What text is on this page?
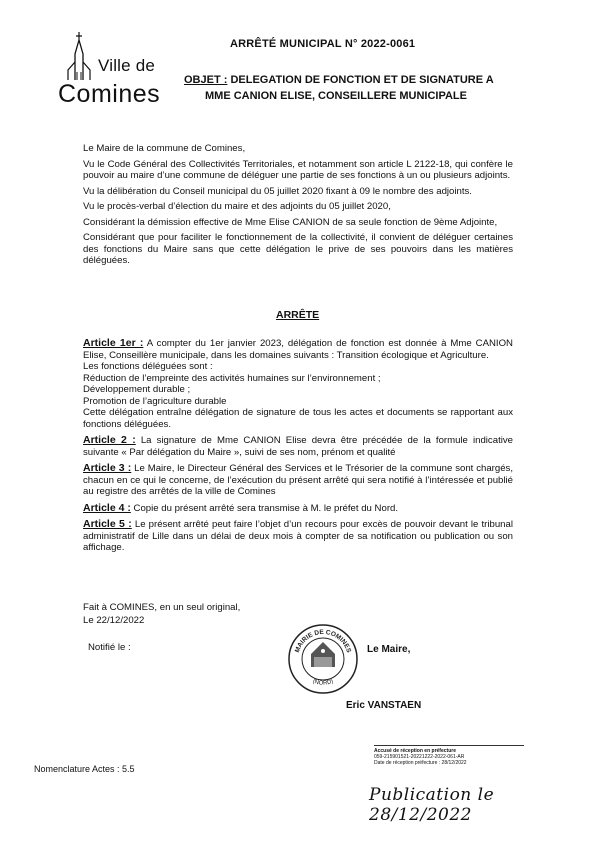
Ville de
Comines
ARRÊTÉ MUNICIPAL N° 2022-0061
OBJET : DELEGATION DE FONCTION ET DE SIGNATURE A
MME CANION ELISE, CONSEILLERE MUNICIPALE

Le Maire de la commune de Comines,

Vu le Code Général des Collectivités Territoriales, et notamment son article L 2122-18, qui confère le pouvoir au maire d’une commune de déléguer une partie de ses fonctions à un ou plusieurs adjoints.

Vu la délibération du Conseil municipal du 05 juillet 2020 fixant à 09 le nombre des adjoints.

Vu le procès-verbal d’élection du maire et des adjoints du 05 juillet 2020,

Considérant la démission effective de Mme Elise CANION de sa seule fonction de 9ème Adjointe,

Considérant que pour faciliter le fonctionnement de la collectivité, il convient de déléguer certaines des fonctions du Maire sans que cette délégation le prive de ses pouvoirs dans les matières déléguées.

ARRÊTE

Article 1er : A compter du 1er janvier 2023, délégation de fonction est donnée à Mme CANION Elise, Conseillère municipale, dans les domaines suivants : Transition écologique et Agriculture.

Les fonctions déléguées sont :

Réduction de l’empreinte des activités humaines sur l’environnement ;

Développement durable ;

Promotion de l’agriculture durable

Cette délégation entraîne délégation de signature de tous les actes et documents se rapportant aux fonctions déléguées.

Article 2 : La signature de Mme CANION Elise devra être précédée de la formule indicative suivante « Par délégation du Maire », suivi de ses nom, prénom et qualité

Article 3 : Le Maire, le Directeur Général des Services et le Trésorier de la commune sont chargés, chacun en ce qui le concerne, de l’exécution du présent arrêté qui sera notifié à l’intéressée et publié au registre des arrêtés de la ville de Comines

Article 4 : Copie du présent arrêté sera transmise à M. le préfet du Nord.

Article 5 : Le présent arrêté peut faire l’objet d’un recours pour excès de pouvoir devant le tribunal administratif de Lille dans un délai de deux mois à compter de sa notification ou publication ou son affichage.

Fait à COMINES, en un seul original,
Le 22/12/2022
Notifié le :	Le Maire,
MAIRIE DE COMINES
(NORD)
Eric VANSTAEN
Accusé de réception en préfecture
059-215901521-20221222-2022-061-AR
Date de réception préfecture : 28/12/2022
Nomenclature Actes : 5.5
Publication le 28/12/2022
